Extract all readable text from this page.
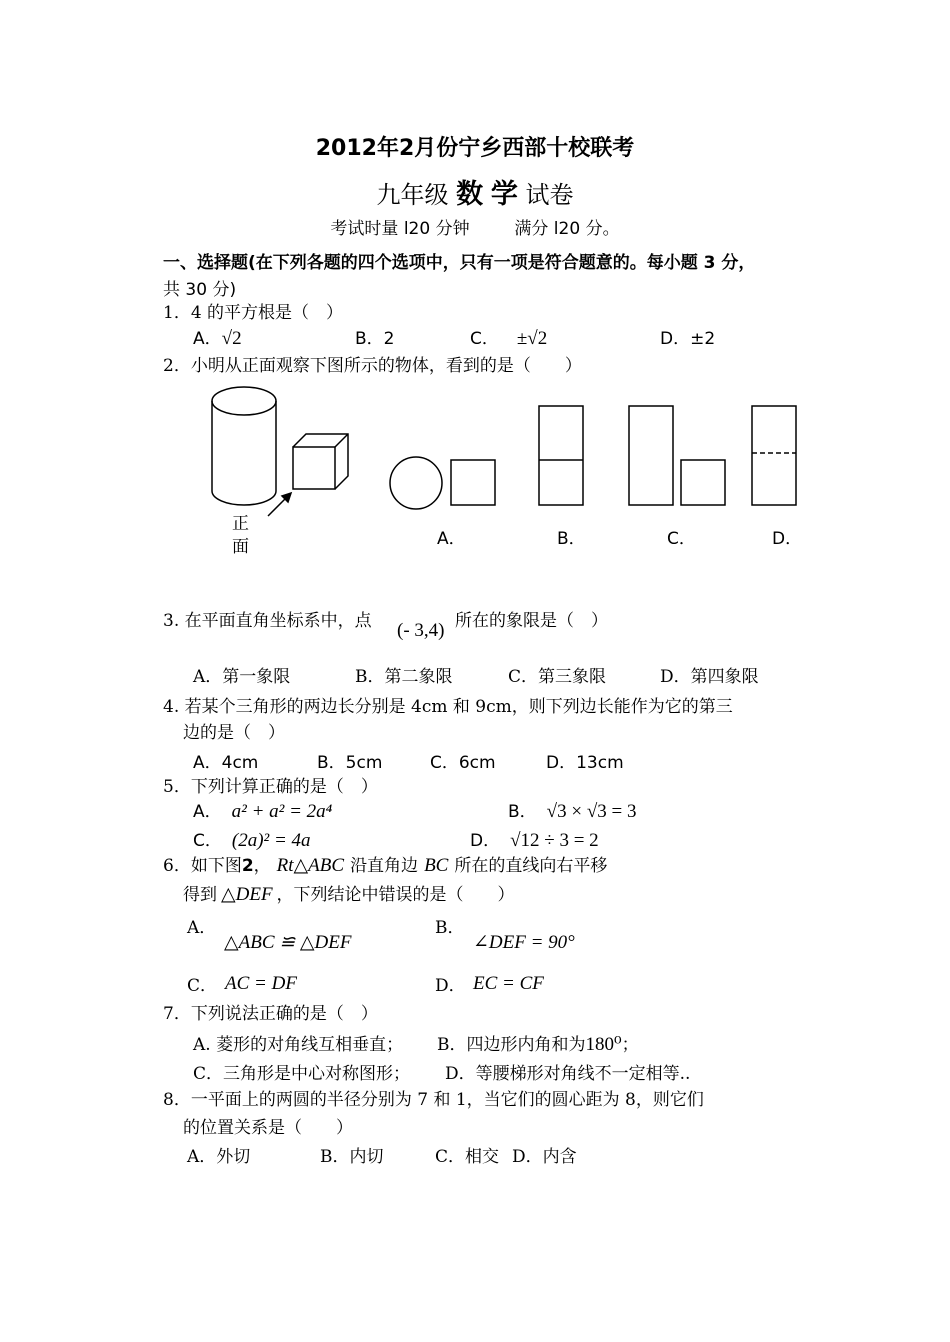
2012年2月份宁乡西部十校联考
九年级 数 学 试卷
考试时量 l20 分钟	满分 l20 分。
一、选择题(在下列各题的四个选项中，只有一项是符合题意的。每小题 3 分，
共 30 分)
1．4 的平方根是（　）
A．√2	B．2	C． ±√2	D．±2
2．小明从正面观察下图所示的物体，看到的是（　　）
正
面	A．	B．	C．	D．
3. 在平面直角坐标系中，点 (- 3,4) 所在的象限是（　）
A．第一象限	B．第二象限	C．第三象限	D．第四象限
4. 若某个三角形的两边长分别是 4cm 和 9cm，则下列边长能作为它的第三
边的是（　）
A．4cm	B．5cm	C．6cm	D．13cm
5．下列计算正确的是（　）
A． a² + a² = 2a⁴	B． √3 × √3 = 3
C． (2a)² = 4a	D． √12 ÷ 3 = 2
6．如下图2， Rt△ABC 沿直角边 BC 所在的直线向右平移
得到 △DEF ，下列结论中错误的是（　　）
A．
△ABC ≌ △DEF
B．
∠DEF = 90°
C． AC = DF	D． EC = CF
7．下列说法正确的是（　）
A. 菱形的对角线互相垂直； B．四边形内角和为180⁰；
C．三角形是中心对称图形； D．等腰梯形对角线不一定相等..
8．一平面上的两圆的半径分别为 7 和 1，当它们的圆心距为 8，则它们
的位置关系是（　　）
A．外切	B．内切	C．相交 D．内含
